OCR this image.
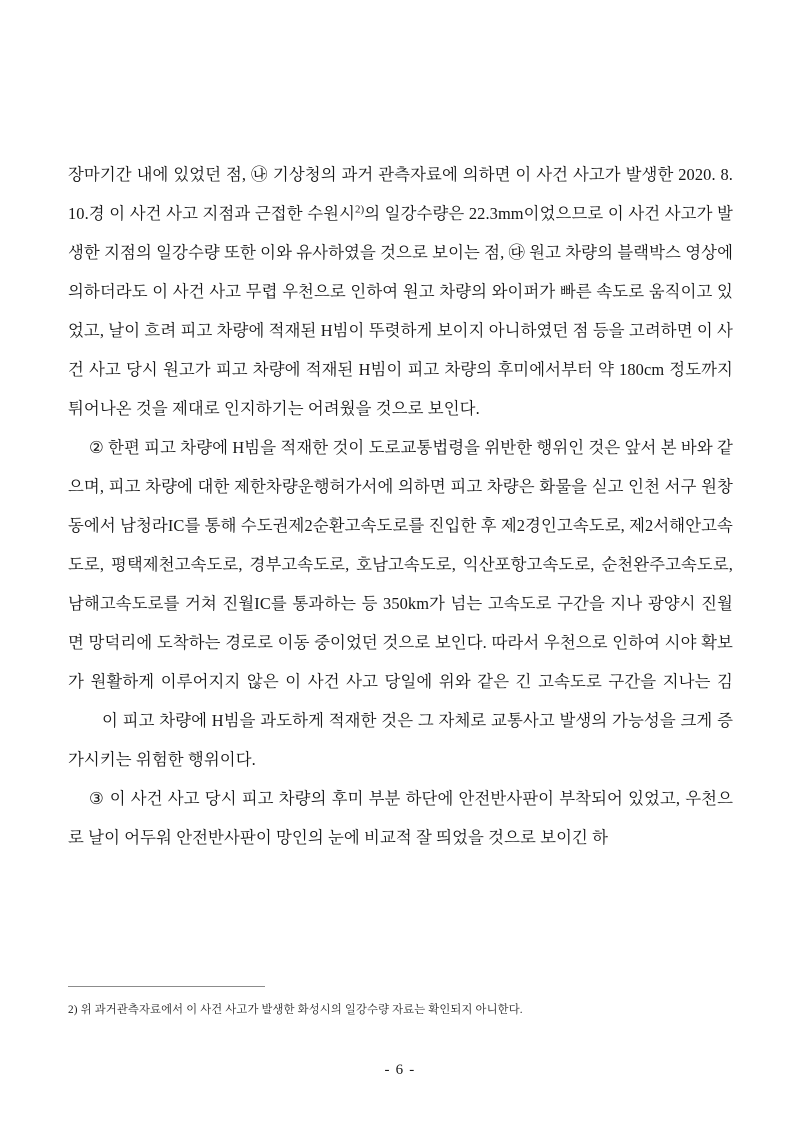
장마기간 내에 있었던 점, ㉯ 기상청의 과거 관측자료에 의하면 이 사건 사고가 발생한 2020. 8. 10.경 이 사건 사고 지점과 근접한 수원시$^{2)}$의 일강수량은 22.3mm이었으므로 이 사건 사고가 발생한 지점의 일강수량 또한 이와 유사하였을 것으로 보이는 점, ㉰ 원고 차량의 블랙박스 영상에 의하더라도 이 사건 사고 무렵 우천으로 인하여 원고 차량의 와이퍼가 빠른 속도로 움직이고 있었고, 날이 흐려 피고 차량에 적재된 H빔이 뚜렷하게 보이지 아니하였던 점 등을 고려하면 이 사건 사고 당시 원고가 피고 차량에 적재된 H빔이 피고 차량의 후미에서부터 약 180cm 정도까지 튀어나온 것을 제대로 인지하기는 어려웠을 것으로 보인다.

② 한편 피고 차량에 H빔을 적재한 것이 도로교통법령을 위반한 행위인 것은 앞서 본 바와 같으며, 피고 차량에 대한 제한차량운행허가서에 의하면 피고 차량은 화물을 싣고 인천 서구 원창동에서 남청라IC를 통해 수도권제2순환고속도로를 진입한 후 제2경인고속도로, 제2서해안고속도로, 평택제천고속도로, 경부고속도로, 호남고속도로, 익산포항고속도로, 순천완주고속도로, 남해고속도로를 거쳐 진월IC를 통과하는 등 350km가 넘는 고속도로 구간을 지나 광양시 진월면 망덕리에 도착하는 경로로 이동 중이었던 것으로 보인다. 따라서 우천으로 인하여 시야 확보가 원활하게 이루어지지 않은 이 사건 사고 당일에 위와 같은 긴 고속도로 구간을 지나는 김이 피고 차량에 H빔을 과도하게 적재한 것은 그 자체로 교통사고 발생의 가능성을 크게 증가시키는 위험한 행위이다.

③ 이 사건 사고 당시 피고 차량의 후미 부분 하단에 안전반사판이 부착되어 있었고, 우천으로 날이 어두워 안전반사판이 망인의 눈에 비교적 잘 띄었을 것으로 보이긴 하

2) 위 과거관측자료에서 이 사건 사고가 발생한 화성시의 일강수량 자료는 확인되지 아니한다.

- 6 -
